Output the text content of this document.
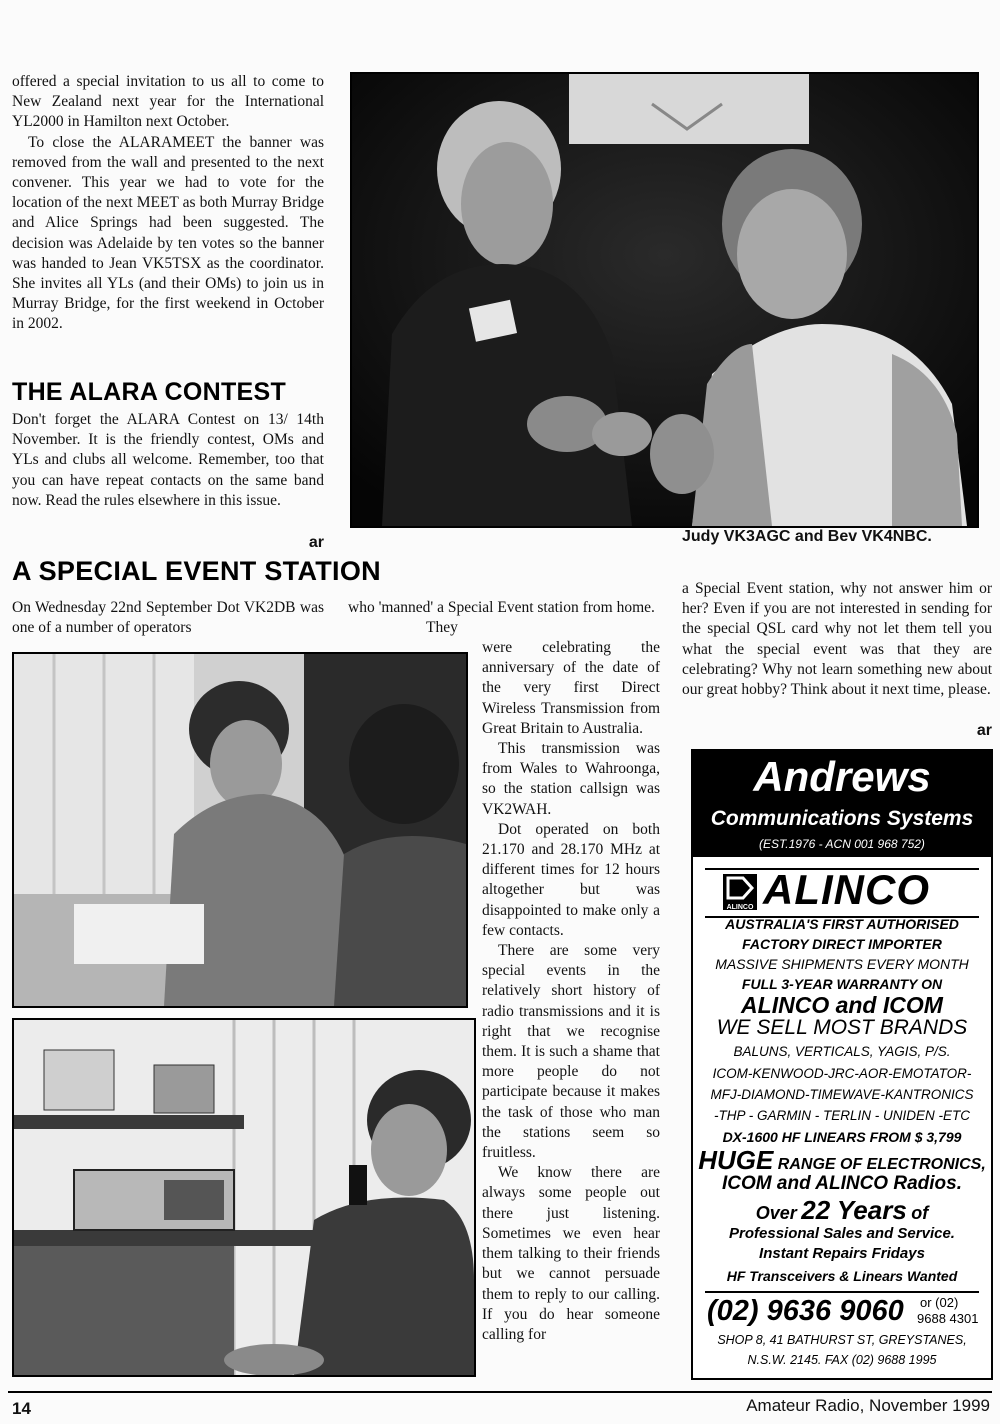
offered a special invitation to us all to come to New Zealand next year for the International YL2000 in Hamilton next October.

To close the ALARAMEET the banner was removed from the wall and presented to the next convener. This year we had to vote for the location of the next MEET as both Murray Bridge and Alice Springs had been suggested. The decision was Adelaide by ten votes so the banner was handed to Jean VK5TSX as the coordinator. She invites all YLs (and their OMs) to join us in Murray Bridge, for the first weekend in October in 2002.

THE ALARA CONTEST

Don't forget the ALARA Contest on 13/ 14th November. It is the friendly contest, OMs and YLs and clubs all welcome. Remember, too that you can have repeat contacts on the same band now. Read the rules elsewhere in this issue.

ar	Judy VK3AGC and Bev VK4NBC.
A SPECIAL EVENT STATION

On Wednesday 22nd September Dot VK2DB was one of a number of operators

who 'manned' a Special Event station from home.

They

were celebrating the anniversary of the date of the very first Direct Wireless Transmission from Great Britain to Australia.

This transmission was from Wales to Wahroonga, so the station callsign was VK2WAH.

Dot operated on both 21.170 and 28.170 MHz at different times for 12 hours altogether but was disappointed to make only a few contacts.

There are some very special events in the relatively short history of radio transmissions and it is right that we recognise them. It is such a shame that more people do not participate because it makes the task of those who man the stations seem so fruitless.

We know there are always some people out there just listening. Sometimes we even hear them talking to their friends but we cannot persuade them to reply to our calling. If you do hear someone calling for

a Special Event station, why not answer him or her? Even if you are not interested in sending for the special QSL card why not let them tell you what the special event was that they are celebrating? Why not learn something new about our great hobby? Think about it next time, please.

ar
Andrews
Communications Systems
(EST.1976 - ACN 001 968 752)
ALINCO ALINCO
AUSTRALIA'S FIRST AUTHORISED
FACTORY DIRECT IMPORTER
MASSIVE SHIPMENTS EVERY MONTH
FULL 3-YEAR WARRANTY ON
ALINCO and ICOM
WE SELL MOST BRANDS
BALUNS, VERTICALS, YAGIS, P/S.
ICOM-KENWOOD-JRC-AOR-EMOTATOR-
MFJ-DIAMOND-TIMEWAVE-KANTRONICS
-THP - GARMIN - TERLIN - UNIDEN -ETC
DX-1600 HF LINEARS FROM $ 3,799
HUGE RANGE OF ELECTRONICS,
ICOM and ALINCO Radios.
Over 22 Years of
Professional Sales and Service.
Instant Repairs Fridays
HF Transceivers & Linears Wanted
(02) 9636 9060 or (02)
9688 4301
SHOP 8, 41 BATHURST ST, GREYSTANES,
N.S.W. 2145. FAX (02) 9688 1995
14	Amateur Radio, November 1999
